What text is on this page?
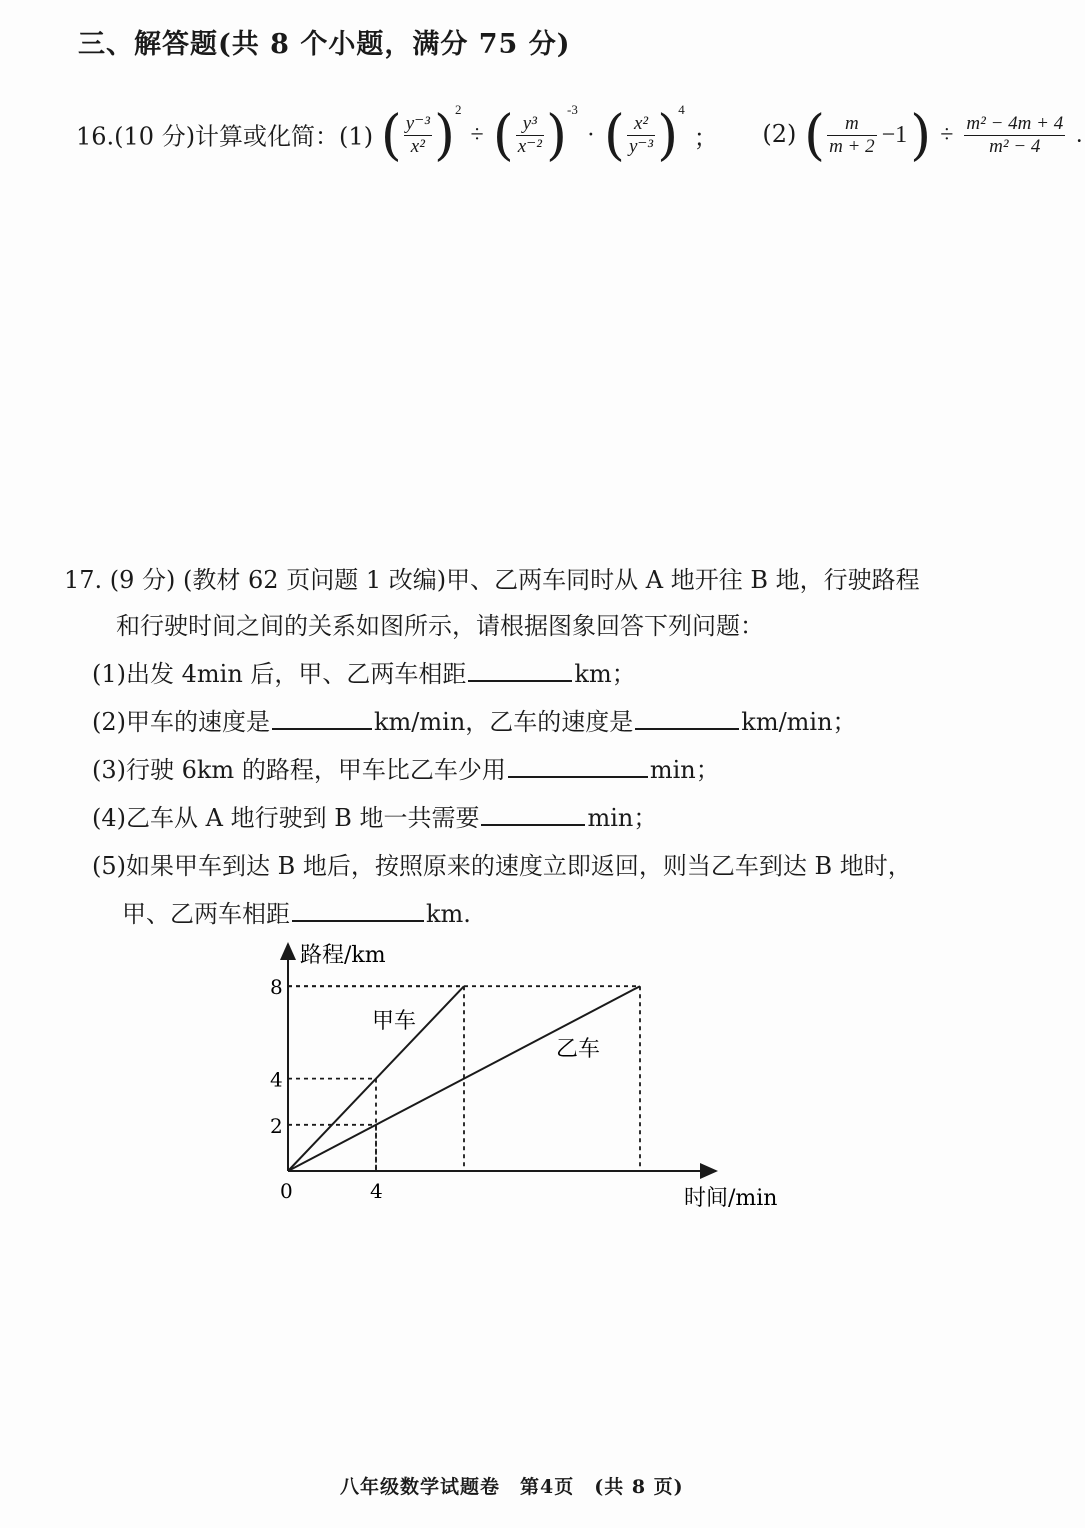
三、解答题(共 8 个小题，满分 75 分)
16.(10 分)计算或化简：(1) ( $\frac{\text{y⁻³}}{\text{x²}} )^2$ ÷ ( $\frac{\text{y³}}{\text{x⁻²}} )^{-3}$ · ( $\frac{\text{x²}}{\text{y⁻³}} )^4$ ； (2) ( $\frac{m}{m + 2} -1) \div \frac{\text{m² − 4m + 4}}{\text{m² − 4}}$ .
17. (9 分) (教材 62 页问题 1 改编)甲、乙两车同时从 A 地开往 B 地，行驶路程
和行驶时间之间的关系如图所示，请根据图象回答下列问题：
(1)出发 4min 后，甲、乙两车相距	km；
(2)甲车的速度是	km/min，乙车的速度是	km/min；
(3)行驶 6km 的路程，甲车比乙车少用	min；
(4)乙车从 A 地行驶到 B 地一共需要	min；
(5)如果甲车到达 B 地后，按照原来的速度立即返回，则当乙车到达 B 地时，
甲、乙两车相距	km.
2
4
8
4
路程/km
时间/min
0
甲车
乙车
八年级数学试题卷　第4页　(共 8 页)
